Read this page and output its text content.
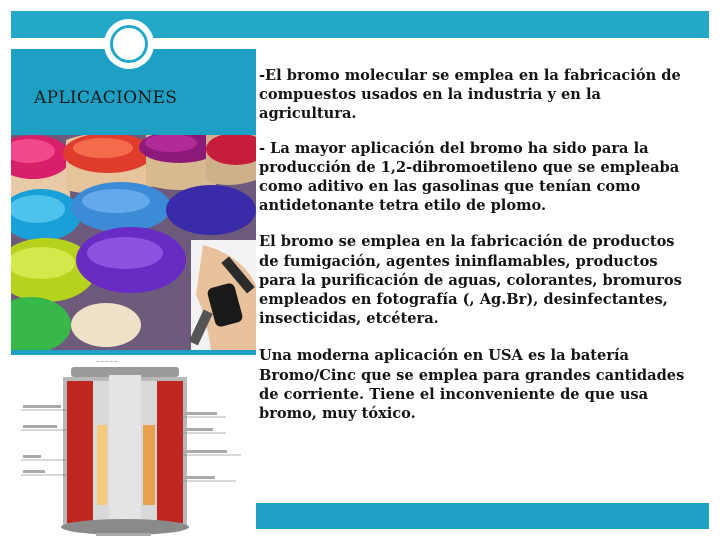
APLICACIONES
─ ─ ─ ─ ─

-El bromo molecular se emplea en la fabricación de compuestos usados en la industria y en la agricultura.

- La mayor aplicación del bromo ha sido para la producción de 1,2-dibromoetileno que se empleaba como aditivo en las gasolinas que tenían como antidetonante tetra etilo de plomo.

El bromo se emplea en la fabricación de productos de fumigación, agentes ininflamables, productos para la purificación de aguas, colorantes, bromuros empleados en fotografía (, Ag.Br), desinfectantes, insecticidas, etcétera.

Una moderna aplicación en USA es la batería Bromo/Cinc que se emplea para grandes cantidades de corriente. Tiene el inconveniente de que usa bromo, muy tóxico.
